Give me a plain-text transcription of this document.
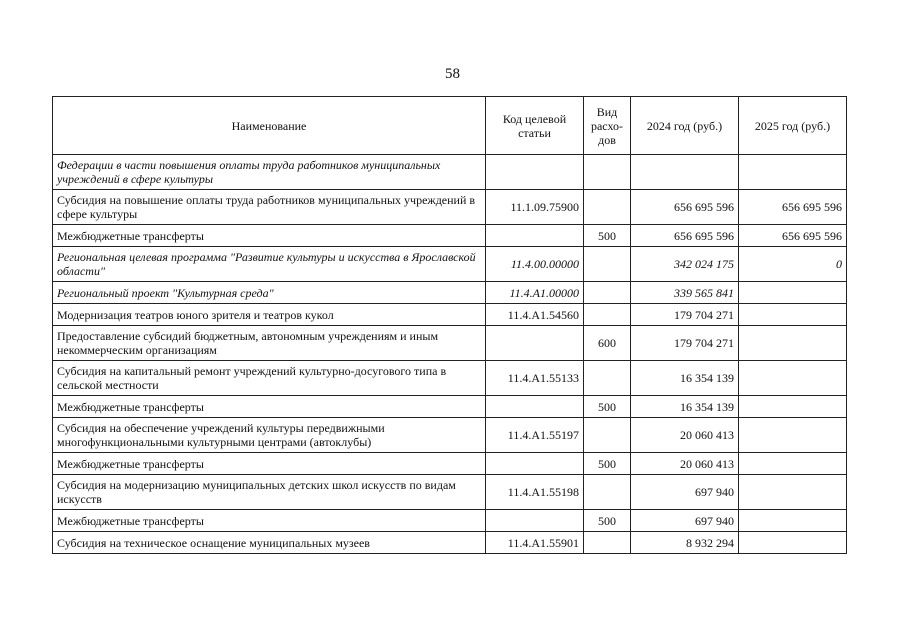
58
Наименование	Код целевой статьи	Вид расхо-дов	2024 год (руб.)	2025 год (руб.)
Федерации в части повышения оплаты труда работников муниципальных учреждений в сфере культуры				
Субсидия на повышение оплаты труда работников муниципальных учреждений в сфере культуры	11.1.09.75900		656 695 596	656 695 596
Межбюджетные трансферты		500	656 695 596	656 695 596
Региональная целевая программа "Развитие культуры и искусства в Ярославской области"	11.4.00.00000		342 024 175	0
Региональный проект "Культурная среда"	11.4.A1.00000		339 565 841	
Модернизация театров юного зрителя и театров кукол	11.4.A1.54560		179 704 271	
Предоставление субсидий бюджетным, автономным учреждениям и иным некоммерческим организациям		600	179 704 271	
Субсидия на капитальный ремонт учреждений культурно-досугового типа в сельской местности	11.4.A1.55133		16 354 139	
Межбюджетные трансферты		500	16 354 139	
Субсидия на обеспечение учреждений культуры передвижными многофункциональными культурными центрами (автоклубы)	11.4.A1.55197		20 060 413	
Межбюджетные трансферты		500	20 060 413	
Субсидия на модернизацию муниципальных детских школ искусств по видам искусств	11.4.A1.55198		697 940	
Межбюджетные трансферты		500	697 940	
Субсидия на техническое оснащение муниципальных музеев	11.4.A1.55901		8 932 294	
